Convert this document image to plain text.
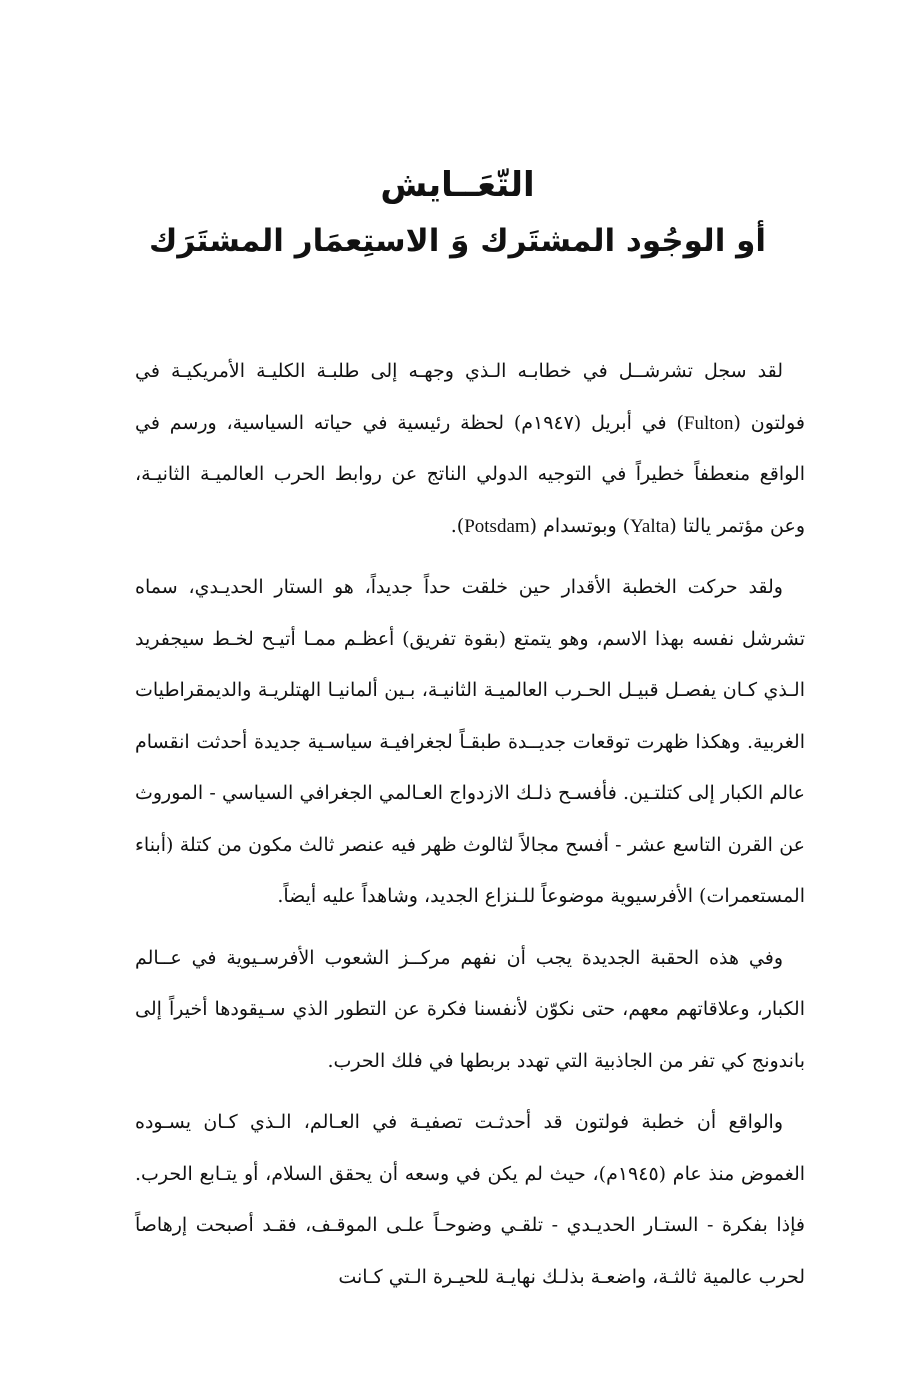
التّعَــايش
أو الوجُود المشتَرك وَ الاستِعمَار المشتَرَك

لقد سجل تشرشــل في خطابـه الـذي وجهـه إلى طلبـة الكليـة الأمريكيـة في فولتون (Fulton) في أبريل (١٩٤٧م) لحظة رئيسية في حياته السياسية، ورسم في الواقع منعطفاً خطيراً في التوجيه الدولي الناتج عن روابط الحرب العالميـة الثانيـة، وعن مؤتمر يالتا (Yalta) وبوتسدام (Potsdam).

ولقد حركت الخطبة الأقدار حين خلقت حداً جديداً، هو الستار الحديـدي، سماه تشرشل نفسه بهذا الاسم، وهو يتمتع (بقوة تفريق) أعظـم ممـا أتيـح لخـط سيجفريد الـذي كـان يفصـل قبيـل الحـرب العالميـة الثانيـة، بـين ألمانيـا الهتلريـة والديمقراطيات الغربية. وهكذا ظهرت توقعات جديــدة طبقـاً لجغرافيـة سياسـية جديدة أحدثت انقسام عالم الكبار إلى كتلتـين. فأفسـح ذلـك الازدواج العـالمي الجغرافي السياسي - الموروث عن القرن التاسع عشر - أفسح مجالاً لثالوث ظهر فيه عنصر ثالث مكون من كتلة (أبناء المستعمرات) الأفرسيوية موضوعاً للـنزاع الجديد، وشاهداً عليه أيضاً.

وفي هذه الحقبة الجديدة يجب أن نفهم مركــز الشعوب الأفرسـيوية في عــالم الكبار، وعلاقاتهم معهم، حتى نكوّن لأنفسنا فكرة عن التطور الذي سـيقودها أخيراً إلى باندونج كي تفر من الجاذبية التي تهدد بربطها في فلك الحرب.

والواقع أن خطبة فولتون قد أحدثـت تصفيـة في العـالم، الـذي كـان يسـوده الغموض منذ عام (١٩٤٥م)، حيث لم يكن في وسعه أن يحقق السلام، أو يتـابع الحرب. فإذا بفكرة - الستـار الحديـدي - تلقـي وضوحـاً علـى الموقـف، فقـد أصبحت إرهاصاً لحرب عالمية ثالثـة، واضعـة بذلـك نهايـة للحيـرة الـتي كـانت
